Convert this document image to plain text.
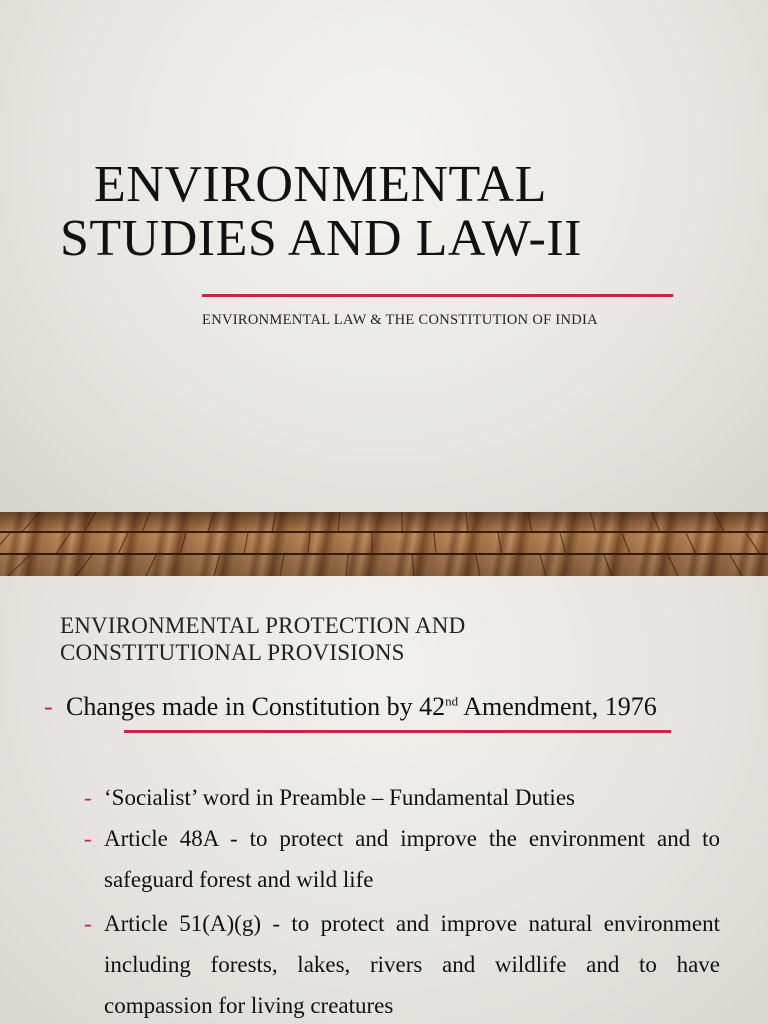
ENVIRONMENTAL
STUDIES AND LAW-II
ENVIRONMENTAL LAW & THE CONSTITUTION OF INDIA
ENVIRONMENTAL PROTECTION AND
CONSTITUTIONAL PROVISIONS
- Changes made in Constitution by 42nd Amendment, 1976
- ‘Socialist’ word in Preamble – Fundamental Duties
- Article 48A - to protect and improve the environment and to safeguard forest and wild life
- Article 51(A)(g) - to protect and improve natural environment including forests, lakes, rivers and wildlife and to have compassion for living creatures
